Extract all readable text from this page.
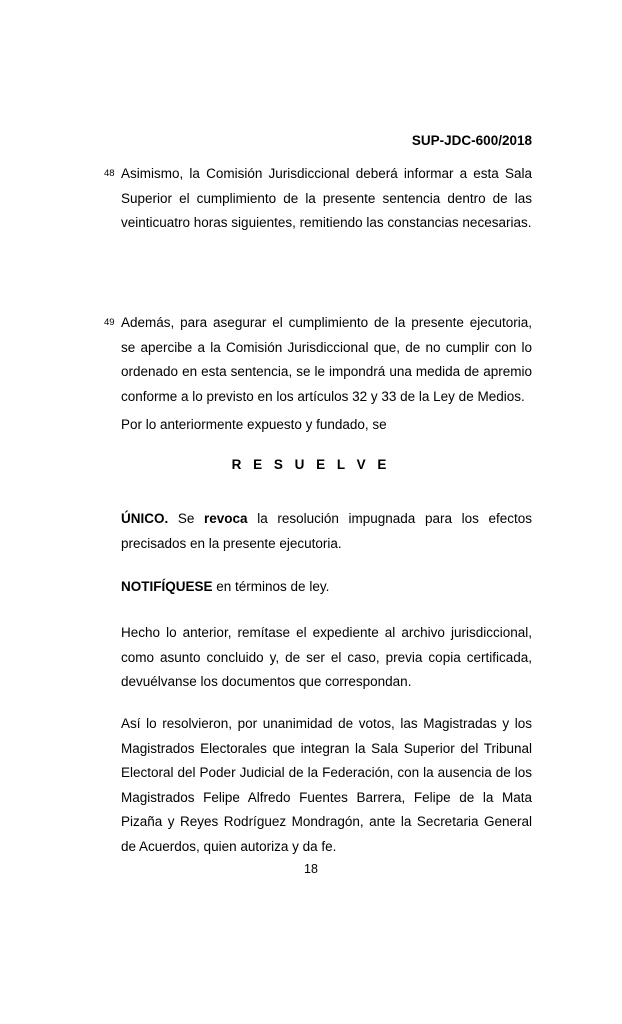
SUP-JDC-600/2018
48 Asimismo, la Comisión Jurisdiccional deberá informar a esta Sala Superior el cumplimiento de la presente sentencia dentro de las veinticuatro horas siguientes, remitiendo las constancias necesarias.
49 Además, para asegurar el cumplimiento de la presente ejecutoria, se apercibe a la Comisión Jurisdiccional que, de no cumplir con lo ordenado en esta sentencia, se le impondrá una medida de apremio conforme a lo previsto en los artículos 32 y 33 de la Ley de Medios.
Por lo anteriormente expuesto y fundado, se
R E S U E L V E
ÚNICO. Se revoca la resolución impugnada para los efectos precisados en la presente ejecutoria.
NOTIFÍQUESE en términos de ley.
Hecho lo anterior, remítase el expediente al archivo jurisdiccional, como asunto concluido y, de ser el caso, previa copia certificada, devuélvanse los documentos que correspondan.
Así lo resolvieron, por unanimidad de votos, las Magistradas y los Magistrados Electorales que integran la Sala Superior del Tribunal Electoral del Poder Judicial de la Federación, con la ausencia de los Magistrados Felipe Alfredo Fuentes Barrera, Felipe de la Mata Pizaña y Reyes Rodríguez Mondragón, ante la Secretaria General de Acuerdos, quien autoriza y da fe.
18
